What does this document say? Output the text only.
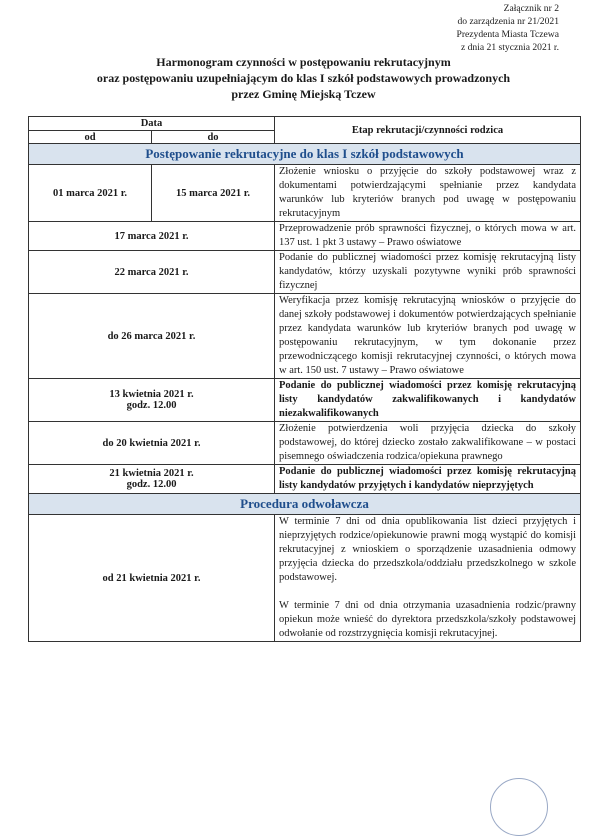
Załącznik nr 2
do zarządzenia nr 21/2021
Prezydenta Miasta Tczewa
z dnia 21 stycznia 2021 r.
Harmonogram czynności w postępowaniu rekrutacyjnym
oraz postępowaniu uzupełniającym do klas I szkół podstawowych prowadzonych
przez Gminę Miejską Tczew
Data		Etap rekrutacji/czynności rodzica
od	do	
Postępowanie rekrutacyjne do klas I szkół podstawowych		
01 marca 2021 r.	15 marca 2021 r.	Złożenie wniosku o przyjęcie do szkoły podstawowej wraz z dokumentami potwierdzającymi spełnianie przez kandydata warunków lub kryteriów branych pod uwagę w postępowaniu rekrutacyjnym
17 marca 2021 r.		Przeprowadzenie prób sprawności fizycznej, o których mowa w art. 137 ust. 1 pkt 3 ustawy – Prawo oświatowe
22 marca 2021 r.		Podanie do publicznej wiadomości przez komisję rekrutacyjną listy kandydatów, którzy uzyskali pozytywne wyniki prób sprawności fizycznej
do 26 marca 2021 r.		Weryfikacja przez komisję rekrutacyjną wniosków o przyjęcie do danej szkoły podstawowej i dokumentów potwierdzających spełnianie przez kandydata warunków lub kryteriów branych pod uwagę w postępowaniu rekrutacyjnym, w tym dokonanie przez przewodniczącego komisji rekrutacyjnej czynności, o których mowa w art. 150 ust. 7 ustawy – Prawo oświatowe

13 kwietnia 2021 r.
godz. 12.00		Podanie do publicznej wiadomości przez komisję rekrutacyjną listy kandydatów zakwalifikowanych i kandydatów niezakwalifikowanych
do 20 kwietnia 2021 r.		Złożenie potwierdzenia woli przyjęcia dziecka do szkoły podstawowej, do której dziecko zostało zakwalifikowane – w postaci pisemnego oświadczenia rodzica/opiekuna prawnego

21 kwietnia 2021 r.
godz. 12.00		Podanie do publicznej wiadomości przez komisję rekrutacyjną listy kandydatów przyjętych i kandydatów nieprzyjętych
Procedura odwoławcza		
od 21 kwietnia 2021 r.		W terminie 7 dni od dnia opublikowania list dzieci przyjętych i nieprzyjętych rodzice/opiekunowie prawni mogą wystąpić do komisji rekrutacyjnej z wnioskiem o sporządzenie uzasadnienia odmowy przyjęcia dziecka do przedszkola/oddziału przedszkolnego w szkole podstawowej.

W terminie 7 dni od dnia otrzymania uzasadnienia rodzic/prawny opiekun może wnieść do dyrektora przedszkola/szkoły podstawowej odwołanie od rozstrzygnięcia komisji rekrutacyjnej.
